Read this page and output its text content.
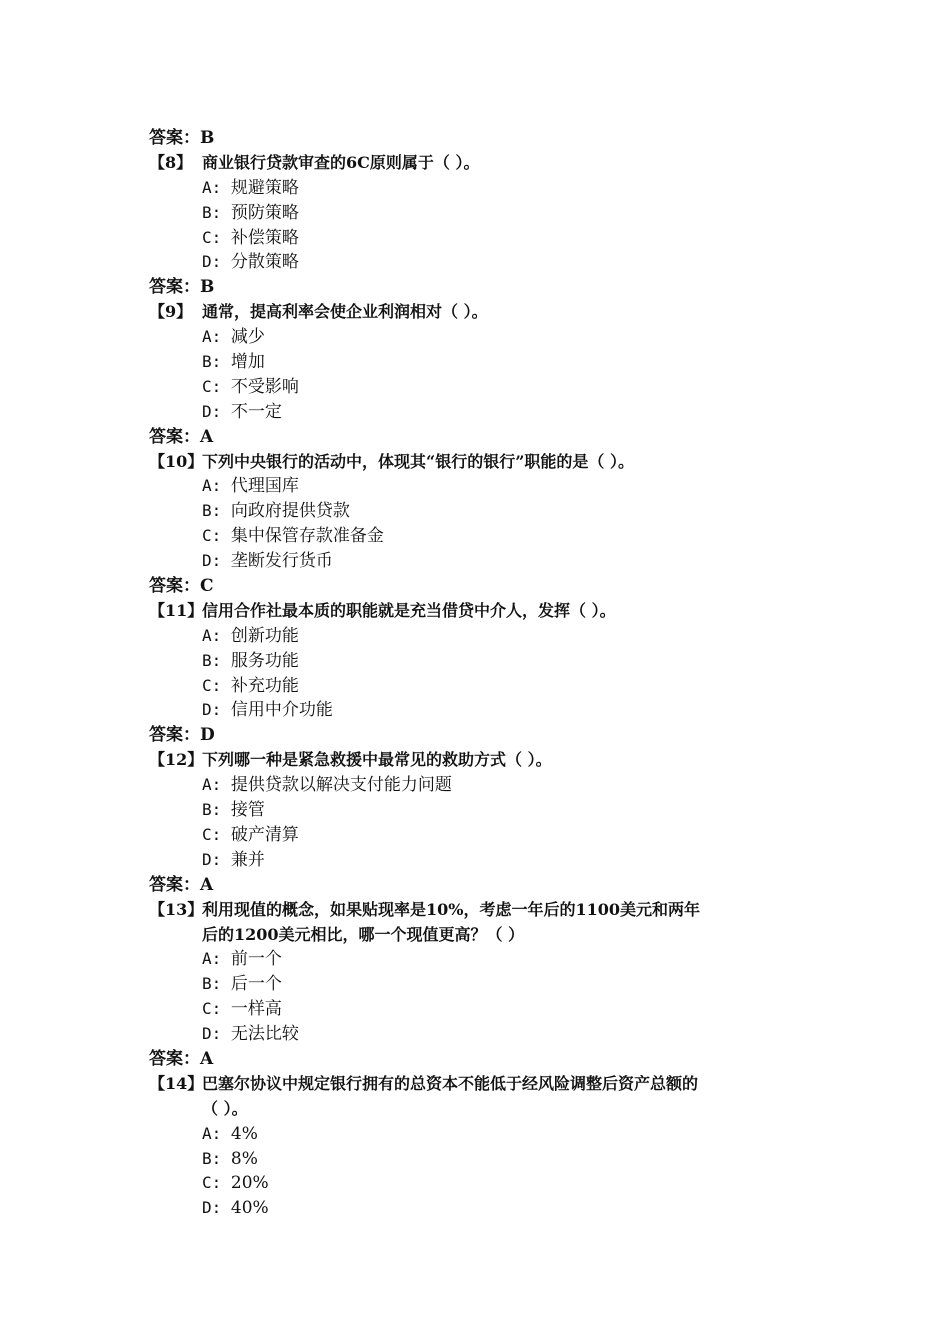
答案：B
【8】 商业银行贷款审查的6C原则属于（ ）。
A: 规避策略
B: 预防策略
C: 补偿策略
D: 分散策略
答案：B
【9】 通常，提高利率会使企业利润相对（ ）。
A: 减少
B: 增加
C: 不受影响
D: 不一定
答案：A
【10】
下列中央银行的活动中，体现其“银行的银行”职能的是（ ）。
A: 代理国库
B: 向政府提供贷款
C: 集中保管存款准备金
D: 垄断发行货币
答案：C
【11】
信用合作社最本质的职能就是充当借贷中介人，发挥（ ）。
A: 创新功能
B: 服务功能
C: 补充功能
D: 信用中介功能
答案：D
【12】
下列哪一种是紧急救援中最常见的救助方式（ ）。
A: 提供贷款以解决支付能力问题
B: 接管
C: 破产清算
D: 兼并
答案：A
【13】
利用现值的概念，如果贴现率是10%，考虑一年后的1100美元和两年
后的1200美元相比，哪一个现值更高？（ ）
A: 前一个
B: 后一个
C: 一样高
D: 无法比较
答案：A
【14】
巴塞尔协议中规定银行拥有的总资本不能低于经风险调整后资产总额的
（ ）。
A: 4%
B: 8%
C: 20%
D: 40%
